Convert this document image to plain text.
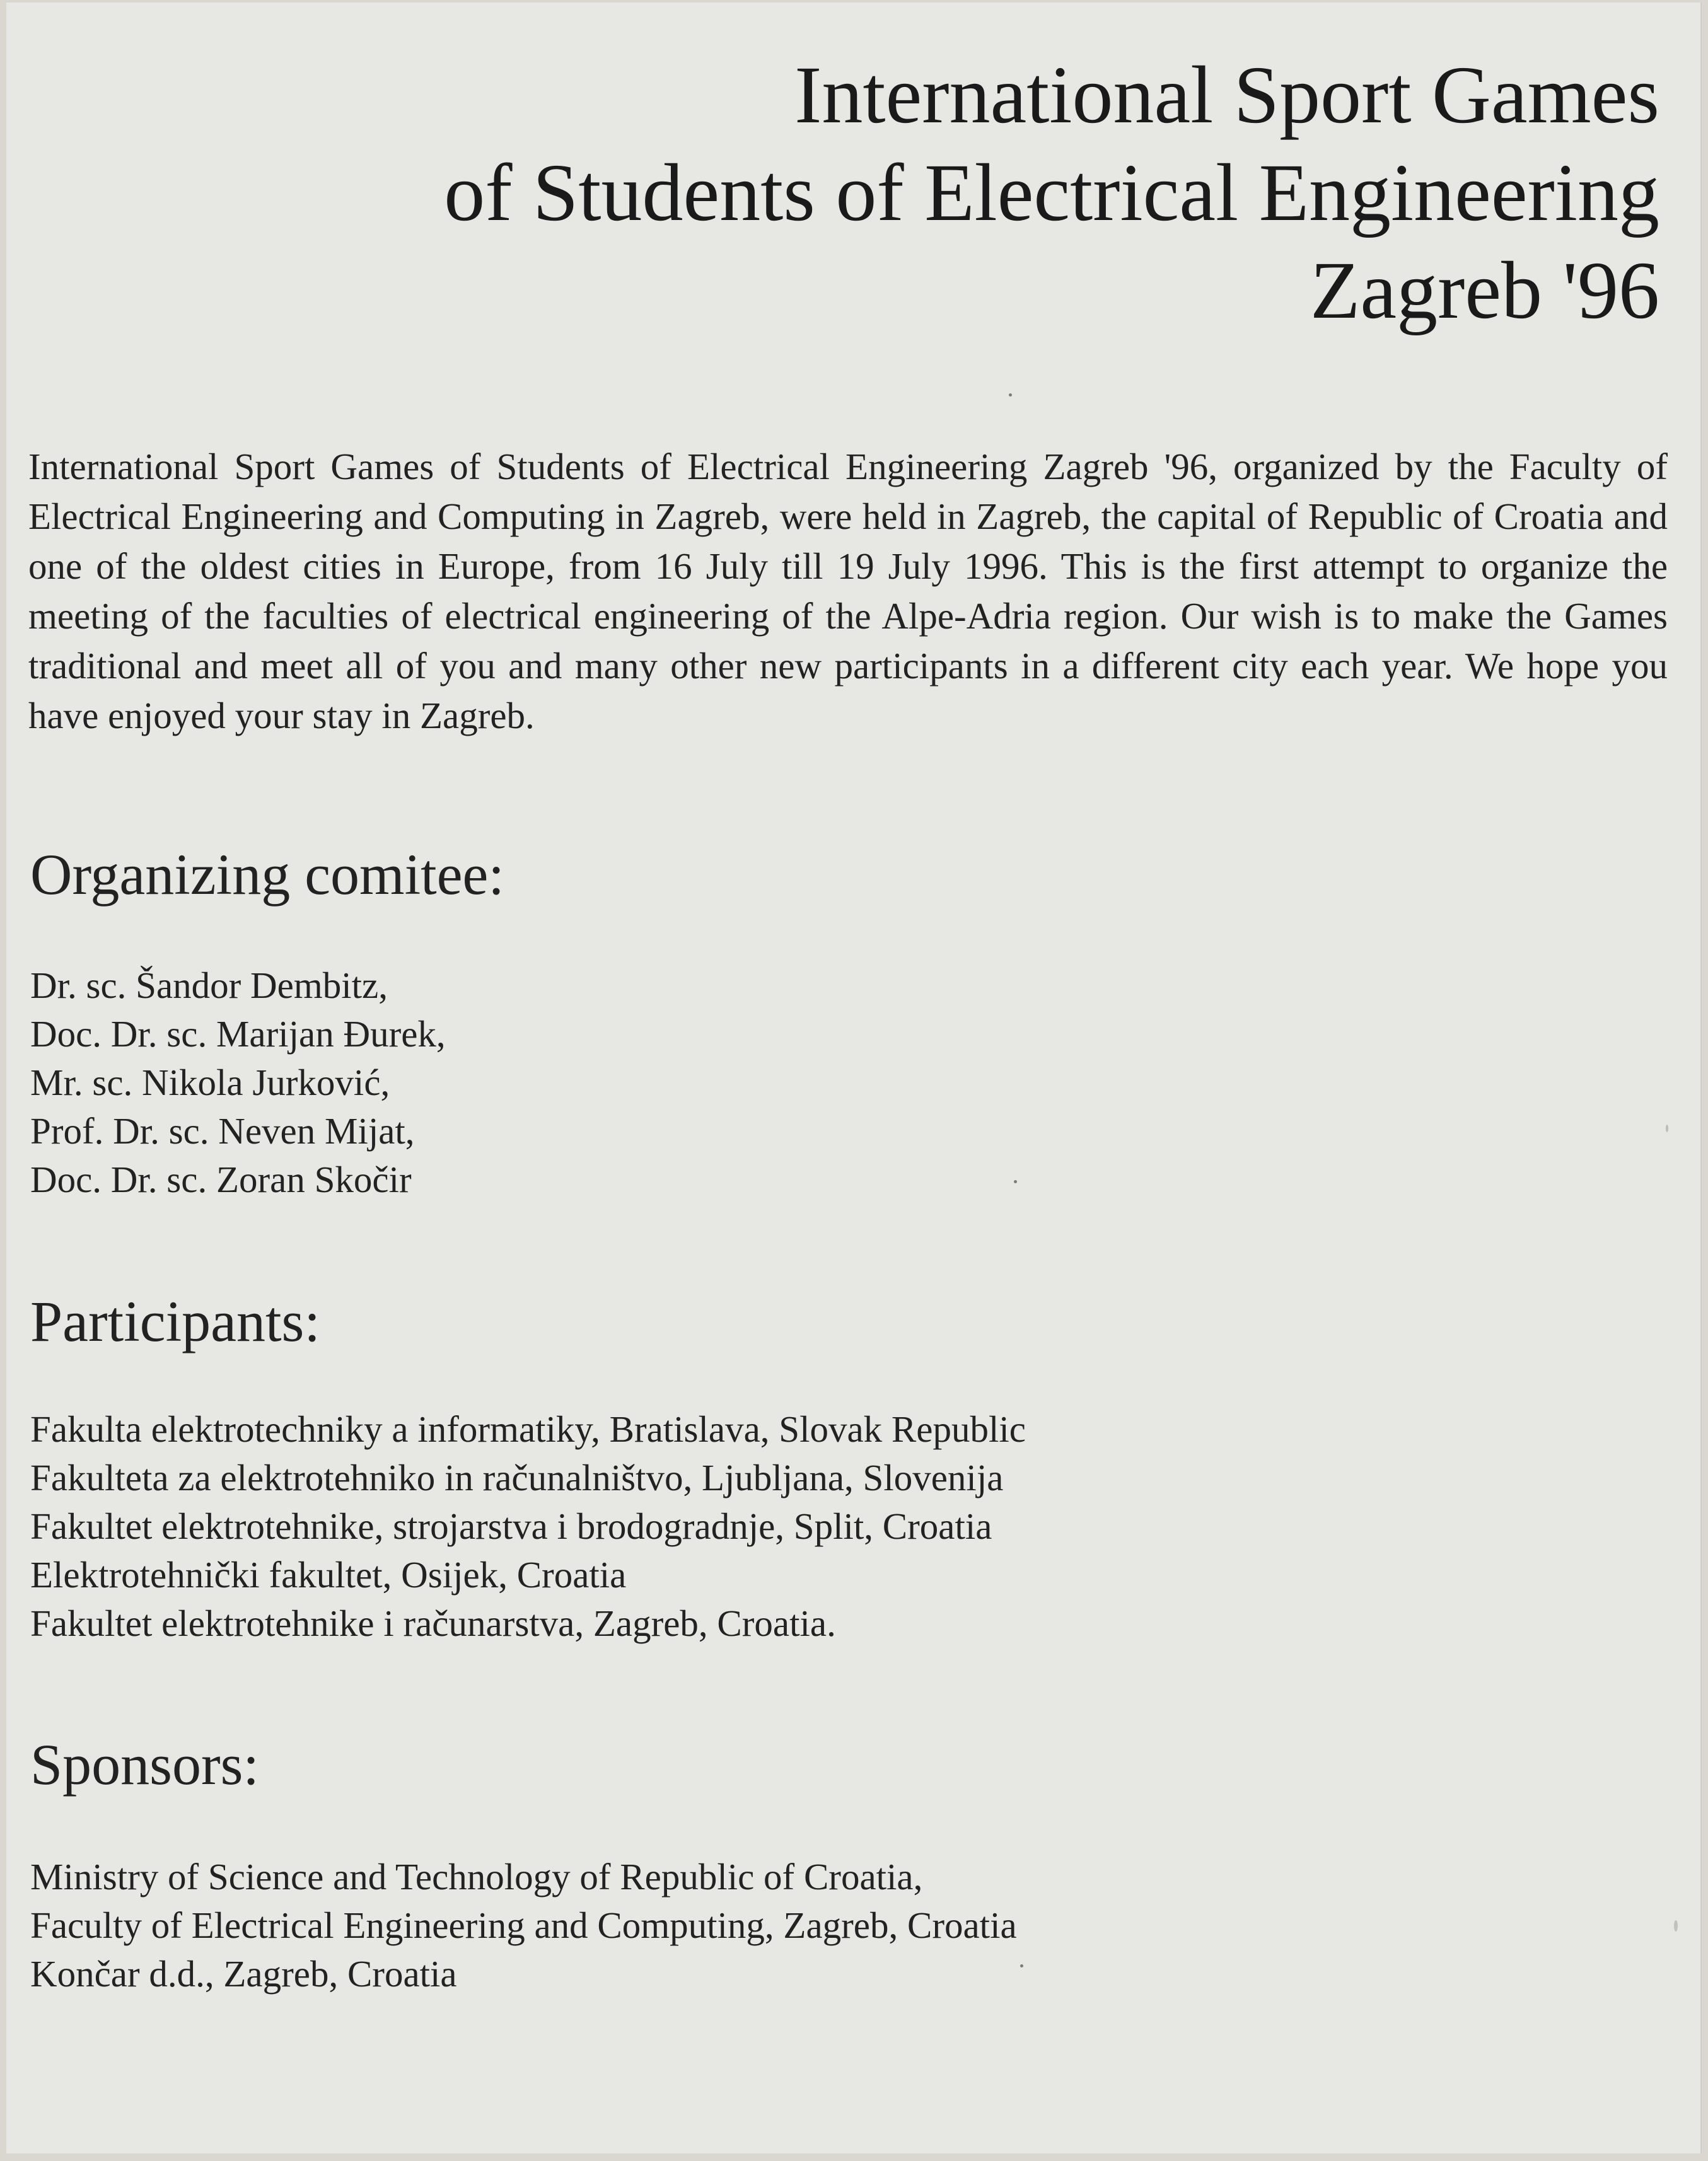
International Sport Games
of Students of Electrical Engineering
Zagreb '96

International Sport Games of Students of Electrical Engineering Zagreb '96, organized by the Faculty of Electrical Engineering and Computing in Zagreb, were held in Zagreb, the capital of Republic of Croatia and one of the oldest cities in Europe, from 16 July till 19 July 1996. This is the first attempt to organize the meeting of the faculties of electrical engineering of the Alpe-Adria region. Our wish is to make the Games traditional and meet all of you and many other new participants in a different city each year. We hope you have enjoyed your stay in Zagreb.

Organizing comitee:
Dr. sc. Šandor Dembitz,
Doc. Dr. sc. Marijan Đurek,
Mr. sc. Nikola Jurković,
Prof. Dr. sc. Neven Mijat,
Doc. Dr. sc. Zoran Skočir
Participants:
Fakulta elektrotechniky a informatiky, Bratislava, Slovak Republic
Fakulteta za elektrotehniko in računalništvo, Ljubljana, Slovenija
Fakultet elektrotehnike, strojarstva i brodogradnje, Split, Croatia
Elektrotehnički fakultet, Osijek, Croatia
Fakultet elektrotehnike i računarstva, Zagreb, Croatia.
Sponsors:
Ministry of Science and Technology of Republic of Croatia,
Faculty of Electrical Engineering and Computing, Zagreb, Croatia
Končar d.d., Zagreb, Croatia
